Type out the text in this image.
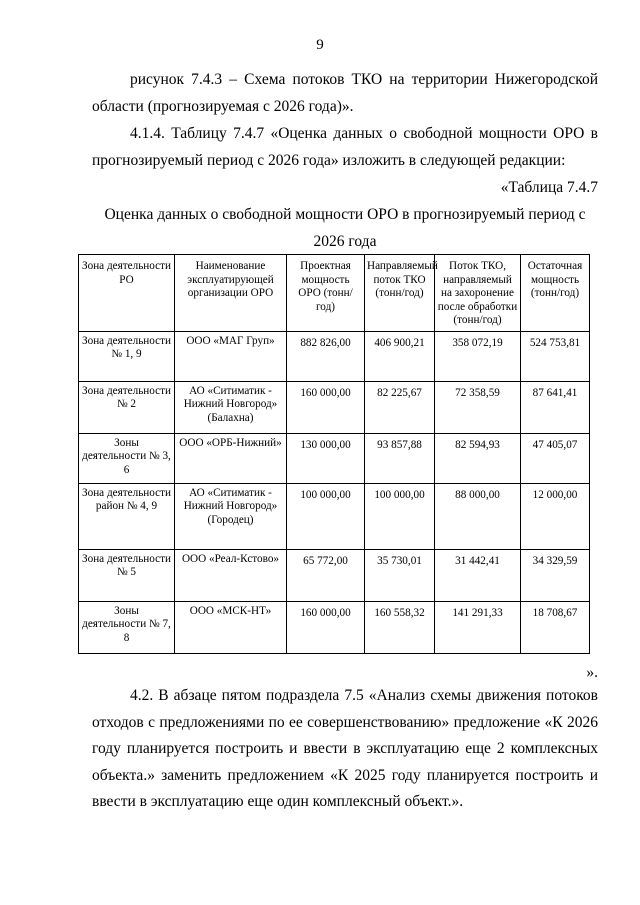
9
рисунок 7.4.3 – Схема потоков ТКО на территории Нижегородской области (прогнозируемая с 2026 года)».
4.1.4. Таблицу 7.4.7 «Оценка данных о свободной мощности ОРО в прогнозируемый период с 2026 года» изложить в следующей редакции:
«Таблица 7.4.7
Оценка данных о свободной мощности ОРО в прогнозируемый период с 2026 года
Зона деятельности РО	Наименование эксплуатирующей организации ОРО	Проектная мощность ОРО (тонн/год)	Направляемый поток ТКО (тонн/год)	Поток ТКО, направляемый на захоронение после обработки (тонн/год)	Остаточная мощность (тонн/год)
Зона деятельности № 1, 9	ООО «МАГ Груп»	882 826,00	406 900,21	358 072,19	524 753,81
Зона деятельности № 2	АО «Ситиматик - Нижний Новгород» (Балахна)	160 000,00	82 225,67	72 358,59	87 641,41
Зоны деятельности № 3, 6	ООО «ОРБ-Нижний»	130 000,00	93 857,88	82 594,93	47 405,07
Зона деятельности район № 4, 9	АО «Ситиматик - Нижний Новгород» (Городец)	100 000,00	100 000,00	88 000,00	12 000,00
Зона деятельности № 5	ООО «Реал-Кстово»	65 772,00	35 730,01	31 442,41	34 329,59
Зоны деятельности № 7, 8	ООО «МСК-НТ»	160 000,00	160 558,32	141 291,33	18 708,67
».
4.2. В абзаце пятом подраздела 7.5 «Анализ схемы движения потоков отходов с предложениями по ее совершенствованию» предложение «К 2026 году планируется построить и ввести в эксплуатацию еще 2 комплексных объекта.» заменить предложением «К 2025 году планируется построить и ввести в эксплуатацию еще один комплексный объект.».
